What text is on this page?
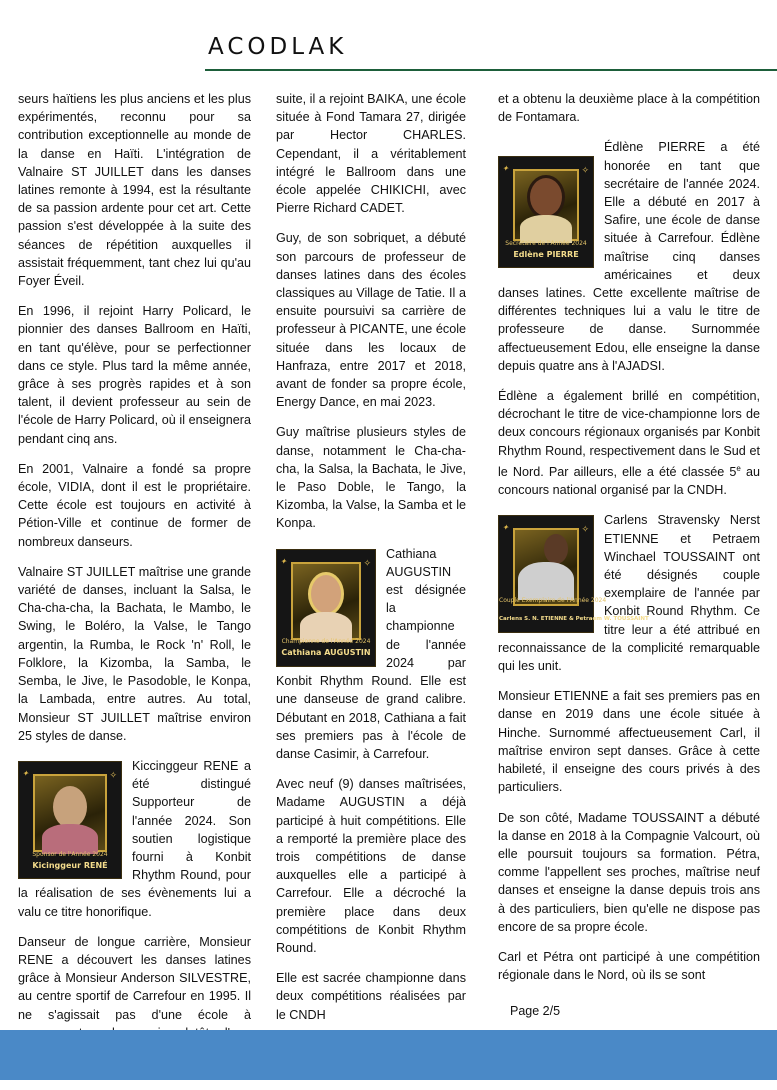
ACODLAK

seurs haïtiens les plus anciens et les plus expérimentés, reconnu pour sa contribution exceptionnelle au monde de la danse en Haïti. L'intégration de Valnaire ST JUILLET dans les danses latines remonte à 1994, est la résultante de sa passion ardente pour cet art. Cette passion s'est développée à la suite des séances de répétition auxquelles il assistait fréquemment, tant chez lui qu'au Foyer Éveil.

En 1996, il rejoint Harry Policard, le pionnier des danses Ballroom en Haïti, en tant qu'élève, pour se perfectionner dans ce style. Plus tard la même année, grâce à ses progrès rapides et à son talent, il devient professeur au sein de l'école de Harry Policard, où il enseignera pendant cinq ans.

En 2001, Valnaire a fondé sa propre école, VIDIA, dont il est le propriétaire. Cette école est toujours en activité à Pétion-Ville et continue de former de nombreux danseurs.

Valnaire ST JUILLET maîtrise une grande variété de danses, incluant la Salsa, le Cha-cha-cha, la Bachata, le Mambo, le Swing, le Boléro, la Valse, le Tango argentin, la Rumba, le Rock 'n' Roll, le Folklore, la Kizomba, la Samba, le Semba, le Jive, le Pasodoble, le Konpa, la Lambada, entre autres. Au total, Monsieur ST JUILLET maîtrise environ 25 styles de danse.

✦	✧
Sponsor de l'Année 2024
Kicinggeur RENÉ

Kiccinggeur RENE a été distingué Supporteur de l'année 2024. Son soutien logistique fourni à Konbit Rhythm Round, pour la réalisation de ses évènements lui a valu ce titre honorifique.

Danseur de longue carrière, Monsieur RENE a découvert les danses latines grâce à Monsieur Anderson SILVESTRE, au centre sportif de Carrefour en 1995. Il ne s'agissait pas d'une école à

suite, il a rejoint BAIKA, une école située à Fond Tamara 27, dirigée par Hector CHARLES. Cependant, il a véritablement intégré le Ballroom dans une école appelée CHIKICHI, avec Pierre Richard CADET.

Guy, de son sobriquet, a débuté son parcours de professeur de danses latines dans des écoles classiques au Village de Tatie. Il a ensuite poursuivi sa carrière de professeur à PICANTE, une école située dans les locaux de Hanfraza, entre 2017 et 2018, avant de fonder sa propre école, Energy Dance, en mai 2023.

Guy maîtrise plusieurs styles de danse, notamment le Cha-cha-cha, la Salsa, la Bachata, le Jive, le Paso Doble, le Tango, la Kizomba, la Valse, la Samba et le Konpa.

✦	✧
Championne de l'Année 2024
Cathiana AUGUSTIN

Cathiana AUGUSTIN est désignée la championne de l'année 2024 par Konbit Rhythm Round. Elle est une danseuse de grand calibre. Débutant en 2018, Cathiana a fait ses premiers pas à l'école de danse Casimir, à Carrefour.

Avec neuf (9) danses maîtrisées, Madame AUGUSTIN a déjà participé à huit compétitions. Elle a remporté la première place des trois compétitions de danse auxquelles elle a participé à Carrefour. Elle a décroché la première place dans deux compétitions de Konbit Rhythm Round.

Elle est sacrée championne dans deux compétitions réalisées par le CNDH

et a obtenu la deuxième place à la compétition de Fontamara.

✦	✧
Secrétaire de l'Année 2024
Edlène PIERRE

Édlène PIERRE a été honorée en tant que secrétaire de l'année 2024. Elle a débuté en 2017 à Safire, une école de danse située à Carrefour. Édlène maîtrise cinq danses américaines et deux danses latines. Cette excellente maîtrise de différentes techniques lui a valu le titre de professeure de danse. Surnommée affectueusement Edou, elle enseigne la danse depuis quatre ans à l'AJADSI.

Édlène a également brillé en compétition, décrochant le titre de vice-championne lors de deux concours régionaux organisés par Konbit Rhythm Round, respectivement dans le Sud et le Nord. Par ailleurs, elle a été classée 5e au concours national organisé par la CNDH.

✦	✧
Couple Exemplaire de l'Année 2024
Carlens S. N. ETIENNE & Petraem W. TOUSSAINT

Carlens Stravensky Nerst ETIENNE et Petraem Winchael TOUSSAINT ont été désignés couple exemplaire de l'année par Konbit Round Rhythm. Ce titre leur a été attribué en reconnaissance de la complicité remarquable qui les unit.

Monsieur ETIENNE a fait ses premiers pas en danse en 2019 dans une école située à Hinche. Surnommé affectueusement Carl, il maîtrise environ sept danses. Grâce à cette habileté, il enseigne des cours privés à des particuliers.

De son côté, Madame TOUSSAINT a débuté la danse en 2018 à la Compagnie Valcourt, où elle poursuit toujours sa formation. Pétra, comme l'appellent ses proches, maîtrise neuf danses et enseigne la danse depuis trois ans à des particuliers, bien qu'elle ne dispose pas encore de sa propre école.

Carl et Pétra ont participé à une compétition régionale dans le Nord, où ils se sont

Page 2/5
